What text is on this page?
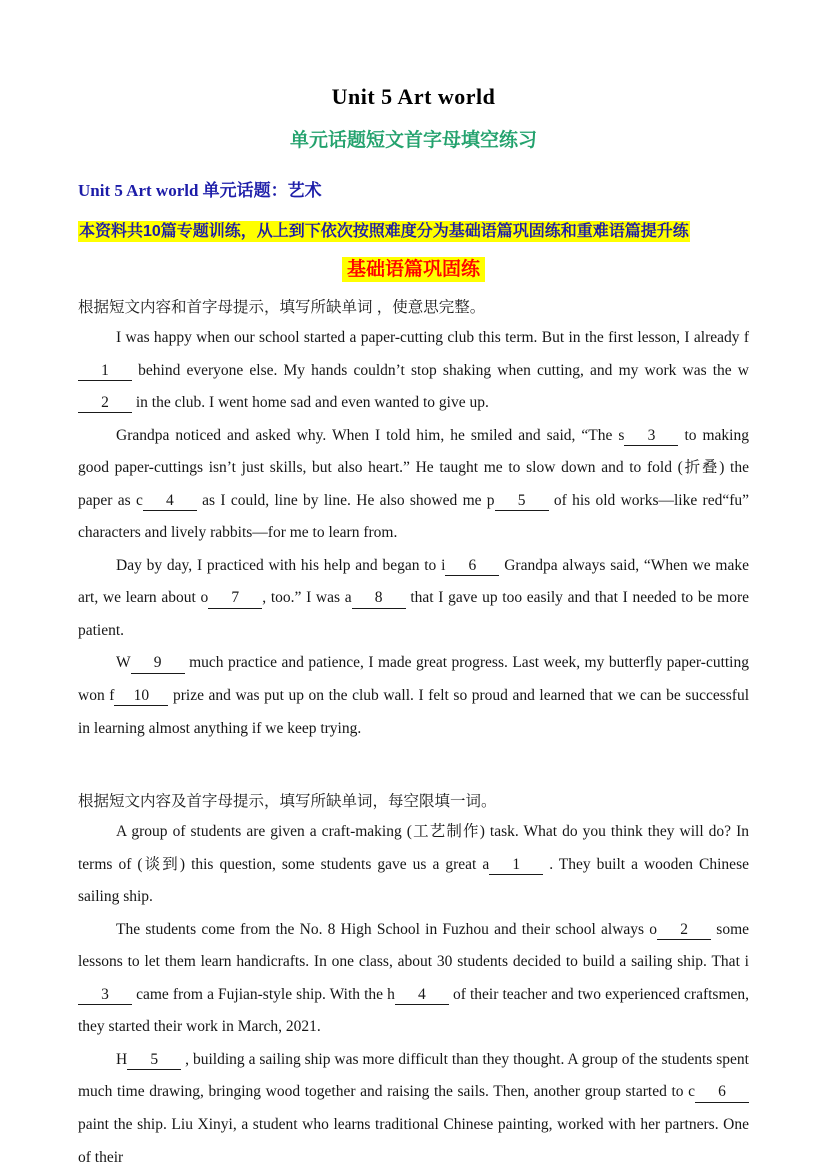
Unit 5 Art world
单元话题短文首字母填空练习

Unit 5 Art world 单元话题：艺术

本资料共10篇专题训练，从上到下依次按照难度分为基础语篇巩固练和重难语篇提升练

基础语篇巩固练

根据短文内容和首字母提示，填写所缺单词 ，使意思完整。

I was happy when our school started a paper-cutting club this term. But in the first lesson, I already f1 behind everyone else. My hands couldn’t stop shaking when cutting, and my work was the w2 in the club. I went home sad and even wanted to give up.

Grandpa noticed and asked why. When I told him, he smiled and said, “The s 3 to making good paper-cuttings isn’t just skills, but also heart.” He taught me to slow down and to fold (折叠) the paper as c 4 as I could, line by line. He also showed me p 5 of his old works—like red“fu” characters and lively rabbits—for me to learn from.

Day by day, I practiced with his help and began to i 6 Grandpa always said, “When we make art, we learn about o 7 , too.” I was a 8 that I gave up too easily and that I needed to be more patient.

W 9 much practice and patience, I made great progress. Last week, my butterfly paper-cutting won f 10 prize and was put up on the club wall. I felt so proud and learned that we can be successful in learning almost anything if we keep trying.

根据短文内容及首字母提示，填写所缺单词，每空限填一词。

A group of students are given a craft-making (工艺制作) task. What do you think they will do? In terms of (谈到) this question, some students gave us a great a 1 . They built a wooden Chinese sailing ship.

The students come from the No. 8 High School in Fuzhou and their school always o 2 some lessons to let them learn handicrafts. In one class, about 30 students decided to build a sailing ship. That i3 came from a Fujian-style ship. With the h 4 of their teacher and two experienced craftsmen, they started their work in March, 2021.

H 5 , building a sailing ship was more difficult than they thought. A group of the students spent much time drawing, bringing wood together and raising the sails. Then, another group started to c 6 paint the ship. Liu Xinyi, a student who learns traditional Chinese painting, worked with her partners. One of their
